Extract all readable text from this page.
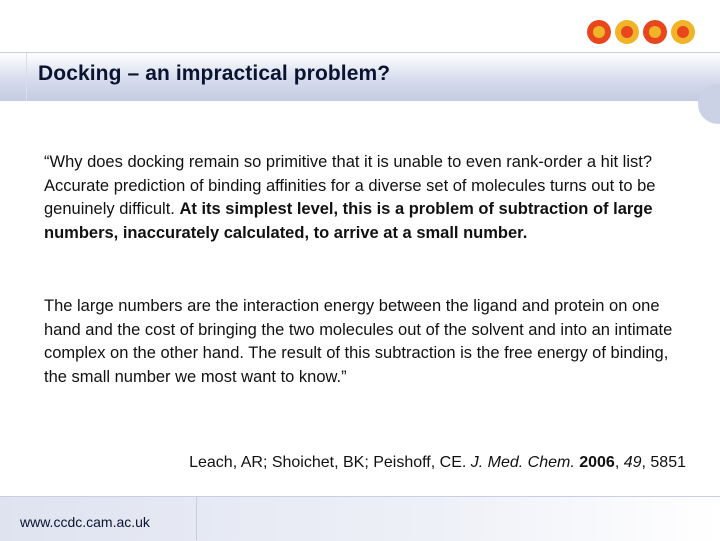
Docking – an impractical problem?

“Why does docking remain so primitive that it is unable to even rank-order a hit list? Accurate prediction of binding affinities for a diverse set of molecules turns out to be genuinely difficult. At its simplest level, this is a problem of subtraction of large numbers, inaccurately calculated, to arrive at a small number.

The large numbers are the interaction energy between the ligand and protein on one hand and the cost of bringing the two molecules out of the solvent and into an intimate complex on the other hand. The result of this subtraction is the free energy of binding, the small number we most want to know.”

Leach, AR; Shoichet, BK; Peishoff, CE. J. Med. Chem. 2006, 49, 5851

www.ccdc.cam.ac.uk
